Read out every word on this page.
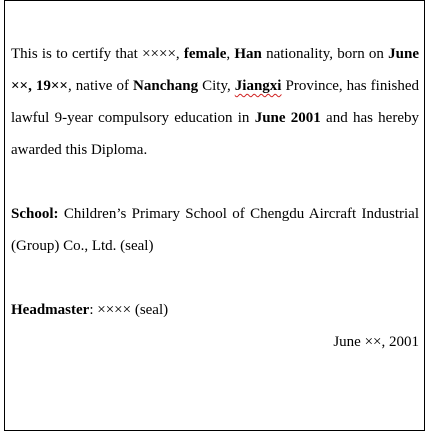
This is to certify that ××××, female, Han nationality, born on June ××, 19××, native of Nanchang City, Jiangxi Province, has finished lawful 9-year compulsory education in June 2001 and has hereby awarded this Diploma.

School: Children’s Primary School of Chengdu Aircraft Industrial (Group) Co., Ltd. (seal)

Headmaster: ×××× (seal)

June ××, 2001
